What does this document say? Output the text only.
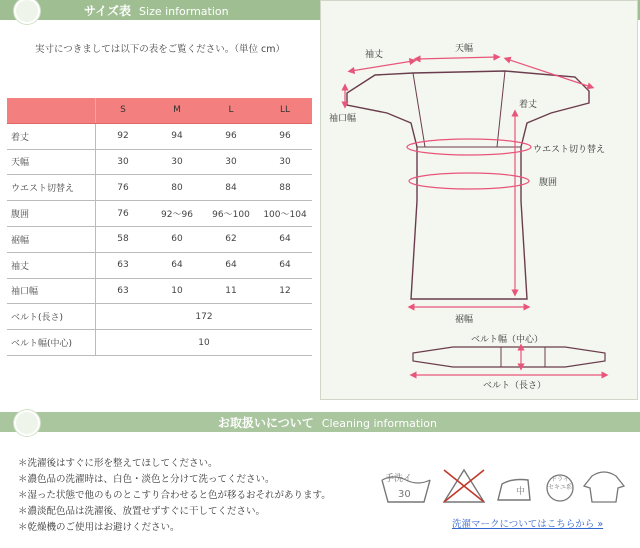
サイズ表 Size information
実寸につきましては以下の表をご覧ください。（単位 cm）
	S	M	L	LL
着丈	92	94	96	96
天幅	30	30	30	30
ウエスト切替え	76	80	84	88
腹囲	76	92〜96	96〜100	100〜104
裾幅	58	60	62	64
袖丈	63	64	64	64
袖口幅	63	10	11	12
ベルト(長さ)	172			
ベルト幅(中心)	10			
袖丈
天幅
着丈
袖口幅
ウエスト切り替え
腹囲
裾幅
ベルト幅（中心）
ベルト（長さ）
お取扱いについて Cleaning information
＊洗濯後はすぐに形を整えてほしてください。
＊濃色品の洗濯時は、白色・淡色と分けて洗ってください。
＊湿った状態で他のものとこすり合わせると色が移るおそれがあります。
＊濃淡配色品は洗濯後、放置せずすぐに干してください。
＊乾燥機のご使用はお避けください。
手洗イ
30	中
ドライ セキユ系
洗濯マークについてはこちらから »
